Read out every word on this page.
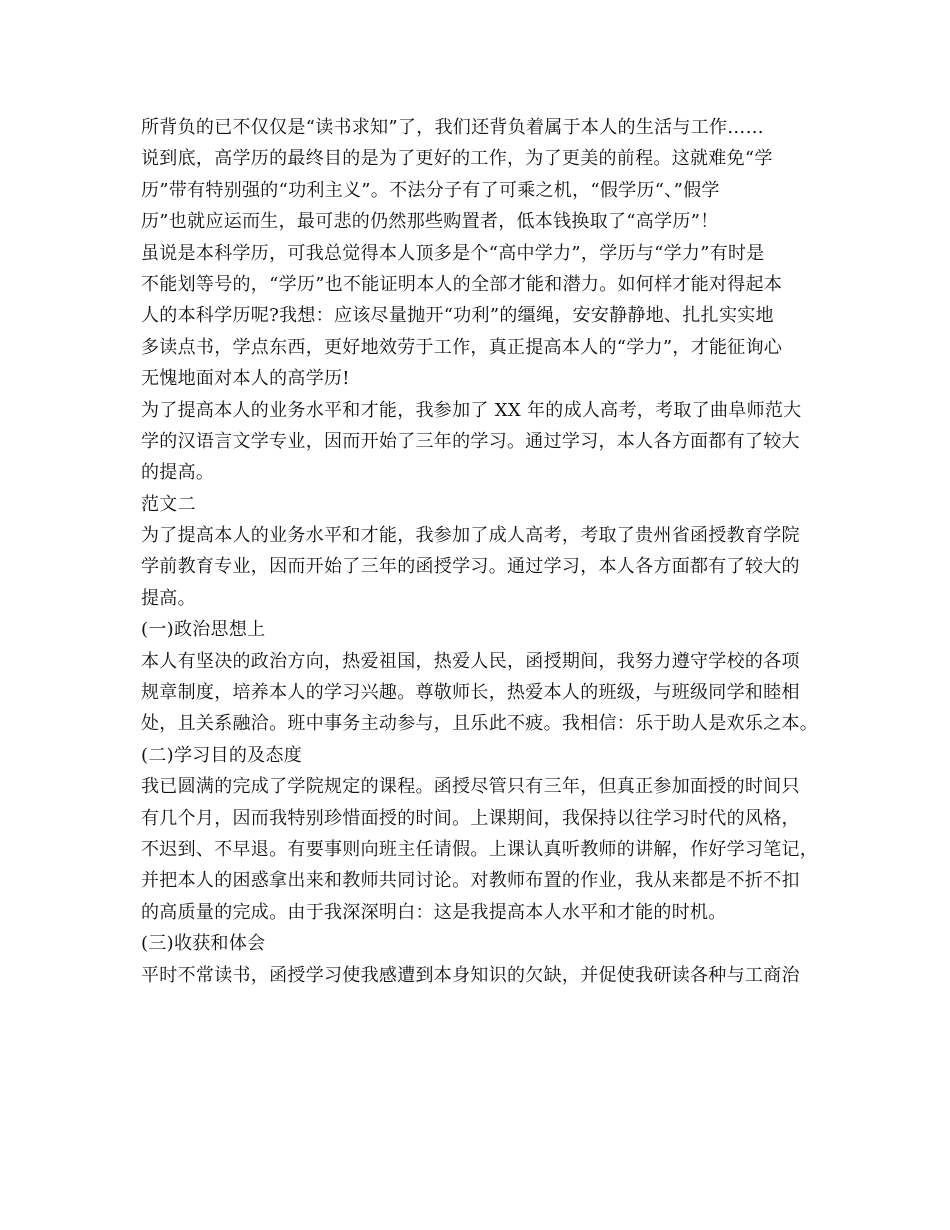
所背负的已不仅仅是“读书求知”了，我们还背负着属于本人的生活与工作……
说到底，高学历的最终目的是为了更好的工作，为了更美的前程。这就难免“学
历”带有特别强的“功利主义”。不法分子有了可乘之机，“假学历“、”假学
历”也就应运而生，最可悲的仍然那些购置者，低本钱换取了“高学历”！
虽说是本科学历，可我总觉得本人顶多是个“高中学力”，学历与“学力”有时是
不能划等号的，“学历”也不能证明本人的全部才能和潜力。如何样才能对得起本
人的本科学历呢?我想：应该尽量抛开“功利”的缰绳，安安静静地、扎扎实实地
多读点书，学点东西，更好地效劳于工作，真正提高本人的“学力”，才能征询心
无愧地面对本人的高学历!
为了提高本人的业务水平和才能，我参加了 XX 年的成人高考，考取了曲阜师范大
学的汉语言文学专业，因而开始了三年的学习。通过学习，本人各方面都有了较大
的提高。
范文二
为了提高本人的业务水平和才能，我参加了成人高考，考取了贵州省函授教育学院
学前教育专业，因而开始了三年的函授学习。通过学习，本人各方面都有了较大的
提高。
(一)政治思想上
本人有坚决的政治方向，热爱祖国，热爱人民，函授期间，我努力遵守学校的各项
规章制度，培养本人的学习兴趣。尊敬师长，热爱本人的班级，与班级同学和睦相
处，且关系融洽。班中事务主动参与，且乐此不疲。我相信：乐于助人是欢乐之本。
(二)学习目的及态度
我已圆满的完成了学院规定的课程。函授尽管只有三年，但真正参加面授的时间只
有几个月，因而我特别珍惜面授的时间。上课期间，我保持以往学习时代的风格，
不迟到、不早退。有要事则向班主任请假。上课认真听教师的讲解，作好学习笔记，
并把本人的困惑拿出来和教师共同讨论。对教师布置的作业，我从来都是不折不扣
的高质量的完成。由于我深深明白：这是我提高本人水平和才能的时机。
(三)收获和体会
平时不常读书，函授学习使我感遭到本身知识的欠缺，并促使我研读各种与工商治
